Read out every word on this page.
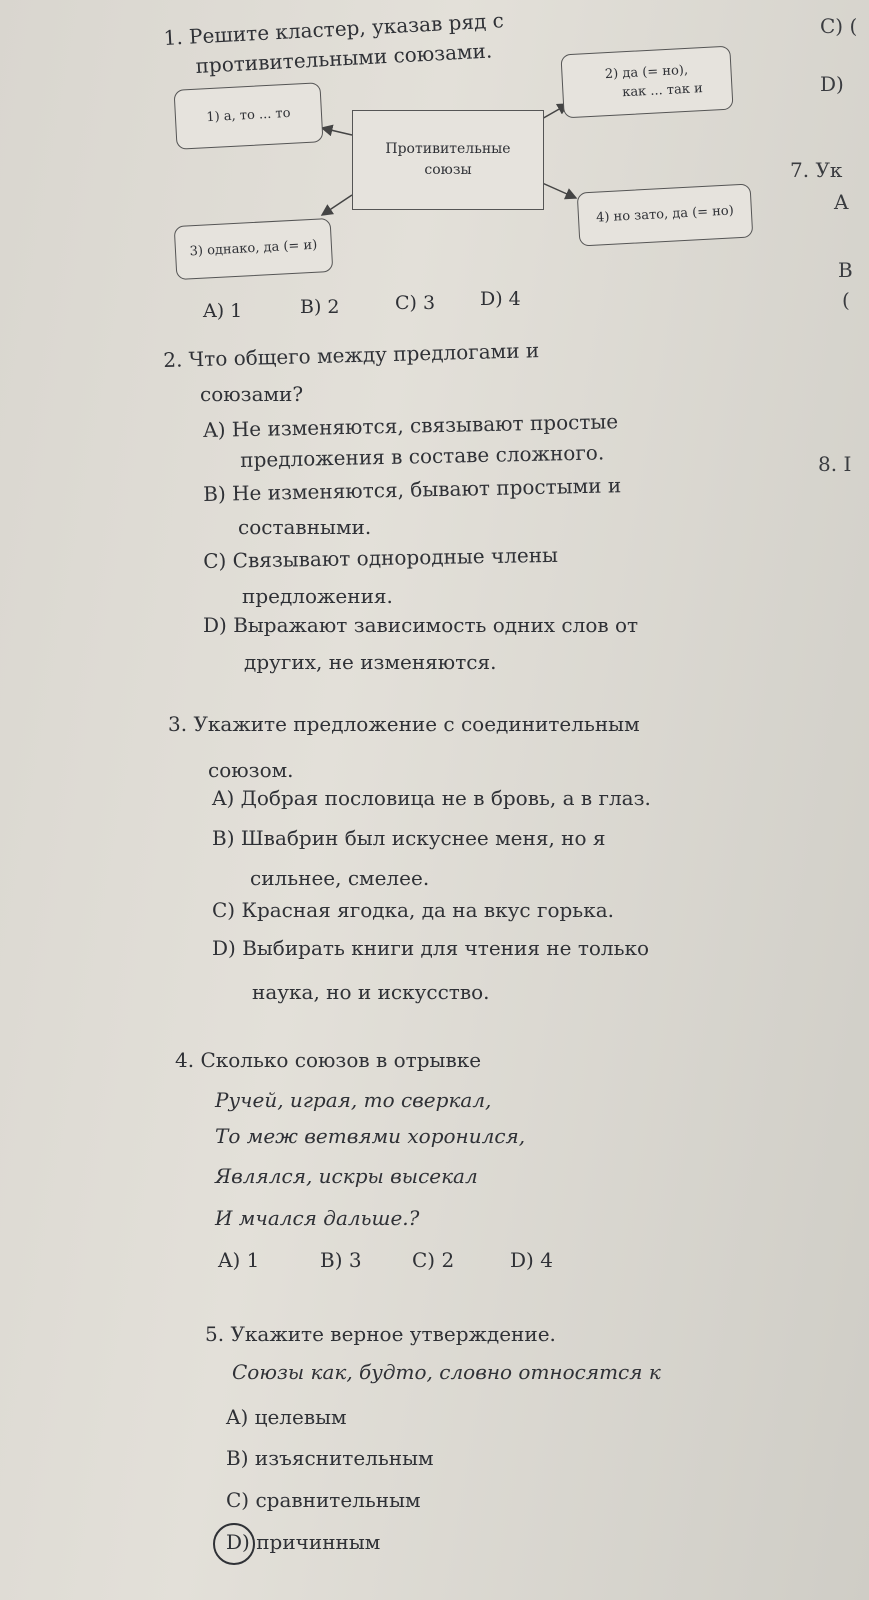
1. Решите кластер, указав ряд с
противительными союзами.
Противительные союзы
1) а, то ... то
2) да (= но),
как ... так и
3) однако, да (= и)
4) но зато, да (= но)
A) 1	B) 2	C) 3 D) 4
2. Что общего между предлогами и
союзами?
A) Не изменяются, связывают простые
предложения в составе сложного.
B) Не изменяются, бывают простыми и
составными.
C) Связывают однородные члены
предложения.
D) Выражают зависимость одних слов от
других, не изменяются.
3. Укажите предложение с соединительным
союзом.
A) Добрая пословица не в бровь, а в глаз.
B) Швабрин был искуснее меня, но я
сильнее, смелее.
C) Красная ягодка, да на вкус горька.
D) Выбирать книги для чтения не только
наука, но и искусство.
4. Сколько союзов в отрывке
Ручей, играя, то сверкал,
То меж ветвями хоронился,
Являлся, искры высекал
И мчался дальше.?
A) 1	B) 3	C) 2	D) 4
5. Укажите верное утверждение.
Союзы как, будто, словно относятся к
A) целевым
B) изъяснительным
C) сравнительным
D) причинным
C) (
D)
7. Ук
A
B
(
8. I
